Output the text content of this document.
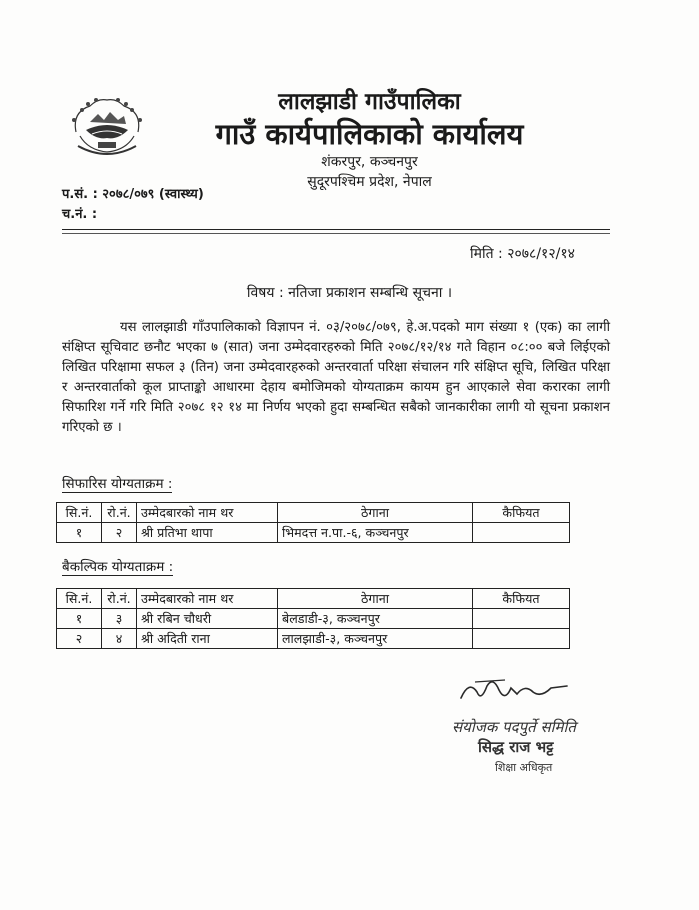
लालझाडी गाउँपालिका
गाउँ कार्यपालिकाको कार्यालय
शंकरपुर, कञ्चनपुर
सुदूरपश्चिम प्रदेश, नेपाल
प.सं. : २०७८/०७९ (स्वास्थ्य)
च.नं. :
मिति : २०७८/१२/१४
विषय : नतिजा प्रकाशन सम्बन्धि सूचना ।

यस लालझाडी गाँउपालिकाको विज्ञापन नं. ०३/२०७८/०७९, हे.अ.पदको माग संख्या १ (एक) का लागी संक्षिप्त सूचिवाट छनौट भएका ७ (सात) जना उम्मेदवारहरुको मिति २०७८/१२/१४ गते विहान ०८:०० बजे लिईएको लिखित परिक्षामा सफल ३ (तिन) जना उम्मेदवारहरुको अन्तरवार्ता परिक्षा संचालन गरि संक्षिप्त सूचि, लिखित परिक्षा र अन्तरवार्ताको कूल प्राप्ताङ्को आधारमा देहाय बमोजिमको योग्यताक्रम कायम हुन आएकाले सेवा करारका लागी सिफारिश गर्ने गरि मिति २०७८ १२ १४ मा निर्णय भएको हुदा सम्बन्धित सबैको जानकारीका लागी यो सूचना प्रकाशन गरिएको छ ।

सिफारिस योग्यताक्रम :
सि.नं.	रो.नं.	उम्मेदबारको नाम थर	ठेगाना	कैफियत
१	२	श्री प्रतिभा थापा	भिमदत्त न.पा.-६, कञ्चनपुर	
बैकल्पिक योग्यताक्रम :
सि.नं.	रो.नं.	उम्मेदबारको नाम थर	ठेगाना	कैफियत
१	३	श्री रबिन चौधरी	बेलडाडी-३, कञ्चनपुर	
२	४	श्री अदिती राना	लालझाडी-३, कञ्चनपुर	
संयोजक पदपुर्ते समिति
सिद्ध राज भट्ट
शिक्षा अधिकृत
